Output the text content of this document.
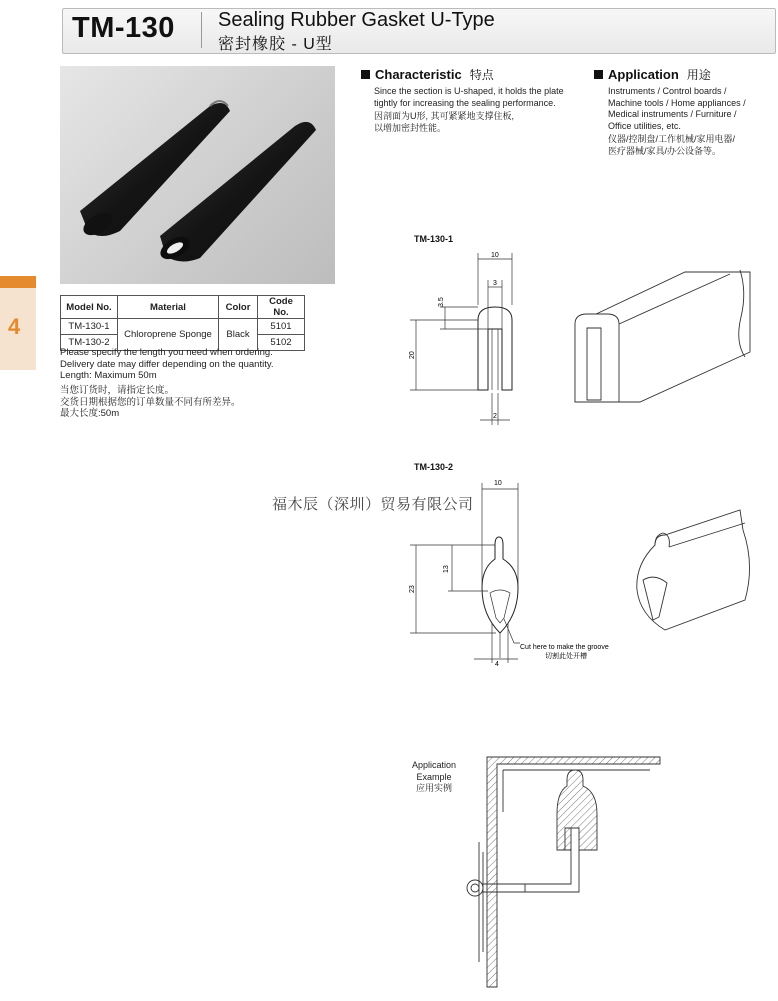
TM-130 Sealing Rubber Gasket U-Type
密封橡胶 - U型
4
Model No.	Material	Color	Code No.
TM-130-1	Chloroprene Sponge	Black	5101
TM-130-2			5102
Please specify the length you need when ordering.
Delivery date may differ depending on the quantity.
Length: Maximum 50m
当您订货时，请指定长度。
交货日期根据您的订单数量不同有所差异。
最大长度:50m
Characteristic 特点
Since the section is U-shaped, it holds the plate
tightly for increasing the sealing performance.
因剖面为U形, 其可紧紧地支撑住板,
以增加密封性能。
Application 用途
Instruments / Control boards /
Machine tools / Home appliances /
Medical instruments / Furniture /
Office utilities, etc.
仪器/控制盘/工作机械/家用电器/
医疗器械/家具/办公设备等。
TM-130-1
10
3
3.5
20
2
TM-130-2
10
13
23
4
Cut here to make the groove
切割此处开槽
福木辰（深圳）贸易有限公司
Application Example
应用实例
